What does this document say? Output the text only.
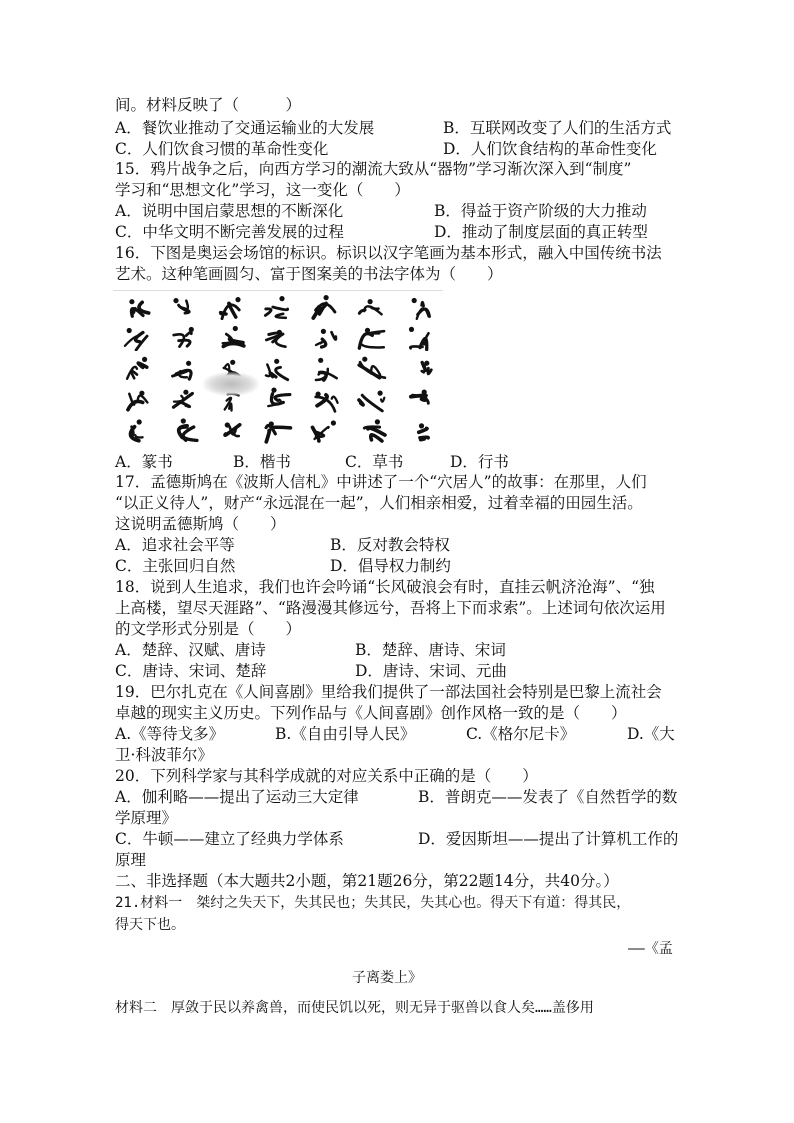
间。材料反映了（　　　）
A．餐饮业推动了交通运输业的大发展	B．互联网改变了人们的生活方式
C．人们饮食习惯的革命性变化	D．人们饮食结构的革命性变化
15．鸦片战争之后，向西方学习的潮流大致从“器物”学习渐次深入到“制度”
学习和“思想文化”学习，这一变化（　　）
A．说明中国启蒙思想的不断深化	B．得益于资产阶级的大力推动
C．中华文明不断完善发展的过程	D．推动了制度层面的真正转型
16．下图是奥运会场馆的标识。标识以汉字笔画为基本形式，融入中国传统书法
艺术。这种笔画圆匀、富于图案美的书法字体为（　　）
A．篆书	B．楷书	C．草书	D．行书
17．孟德斯鸠在《波斯人信札》中讲述了一个“穴居人”的故事：在那里，人们
“以正义待人”，财产“永远混在一起”，人们相亲相爱，过着幸福的田园生活。
这说明孟德斯鸠（　　）
A．追求社会平等	B．反对教会特权
C．主张回归自然	D．倡导权力制约
18．说到人生追求，我们也许会吟诵“长风破浪会有时，直挂云帆济沧海”、“独
上高楼，望尽天涯路”、“路漫漫其修远兮，吾将上下而求索”。上述词句依次运用
的文学形式分别是（　　）
A．楚辞、汉赋、唐诗	B．楚辞、唐诗、宋词
C．唐诗、宋词、楚辞	D．唐诗、宋词、元曲
19．巴尔扎克在《人间喜剧》里给我们提供了一部法国社会特别是巴黎上流社会
卓越的现实主义历史。下列作品与《人间喜剧》创作风格一致的是（　　）
A.《等待戈多》	B.《自由引导人民》	C.《格尔尼卡》	D.《大
卫·科波菲尔》
20．下列科学家与其科学成就的对应关系中正确的是（　　）
A．伽利略——提出了运动三大定律	B．普朗克——发表了《自然哲学的数
学原理》
C．牛顿——建立了经典力学体系	D．爱因斯坦——提出了计算机工作的
原理
二、非选择题（本大题共2小题，第21题26分，第22题14分，共40分。）
21.材料一　桀纣之失天下，失其民也；失其民，失其心也。得天下有道：得其民，
得天下也。
——《孟
子离娄上》
材料二　厚敛于民以养禽兽，而使民饥以死，则无异于驱兽以食人矣……盖侈用
